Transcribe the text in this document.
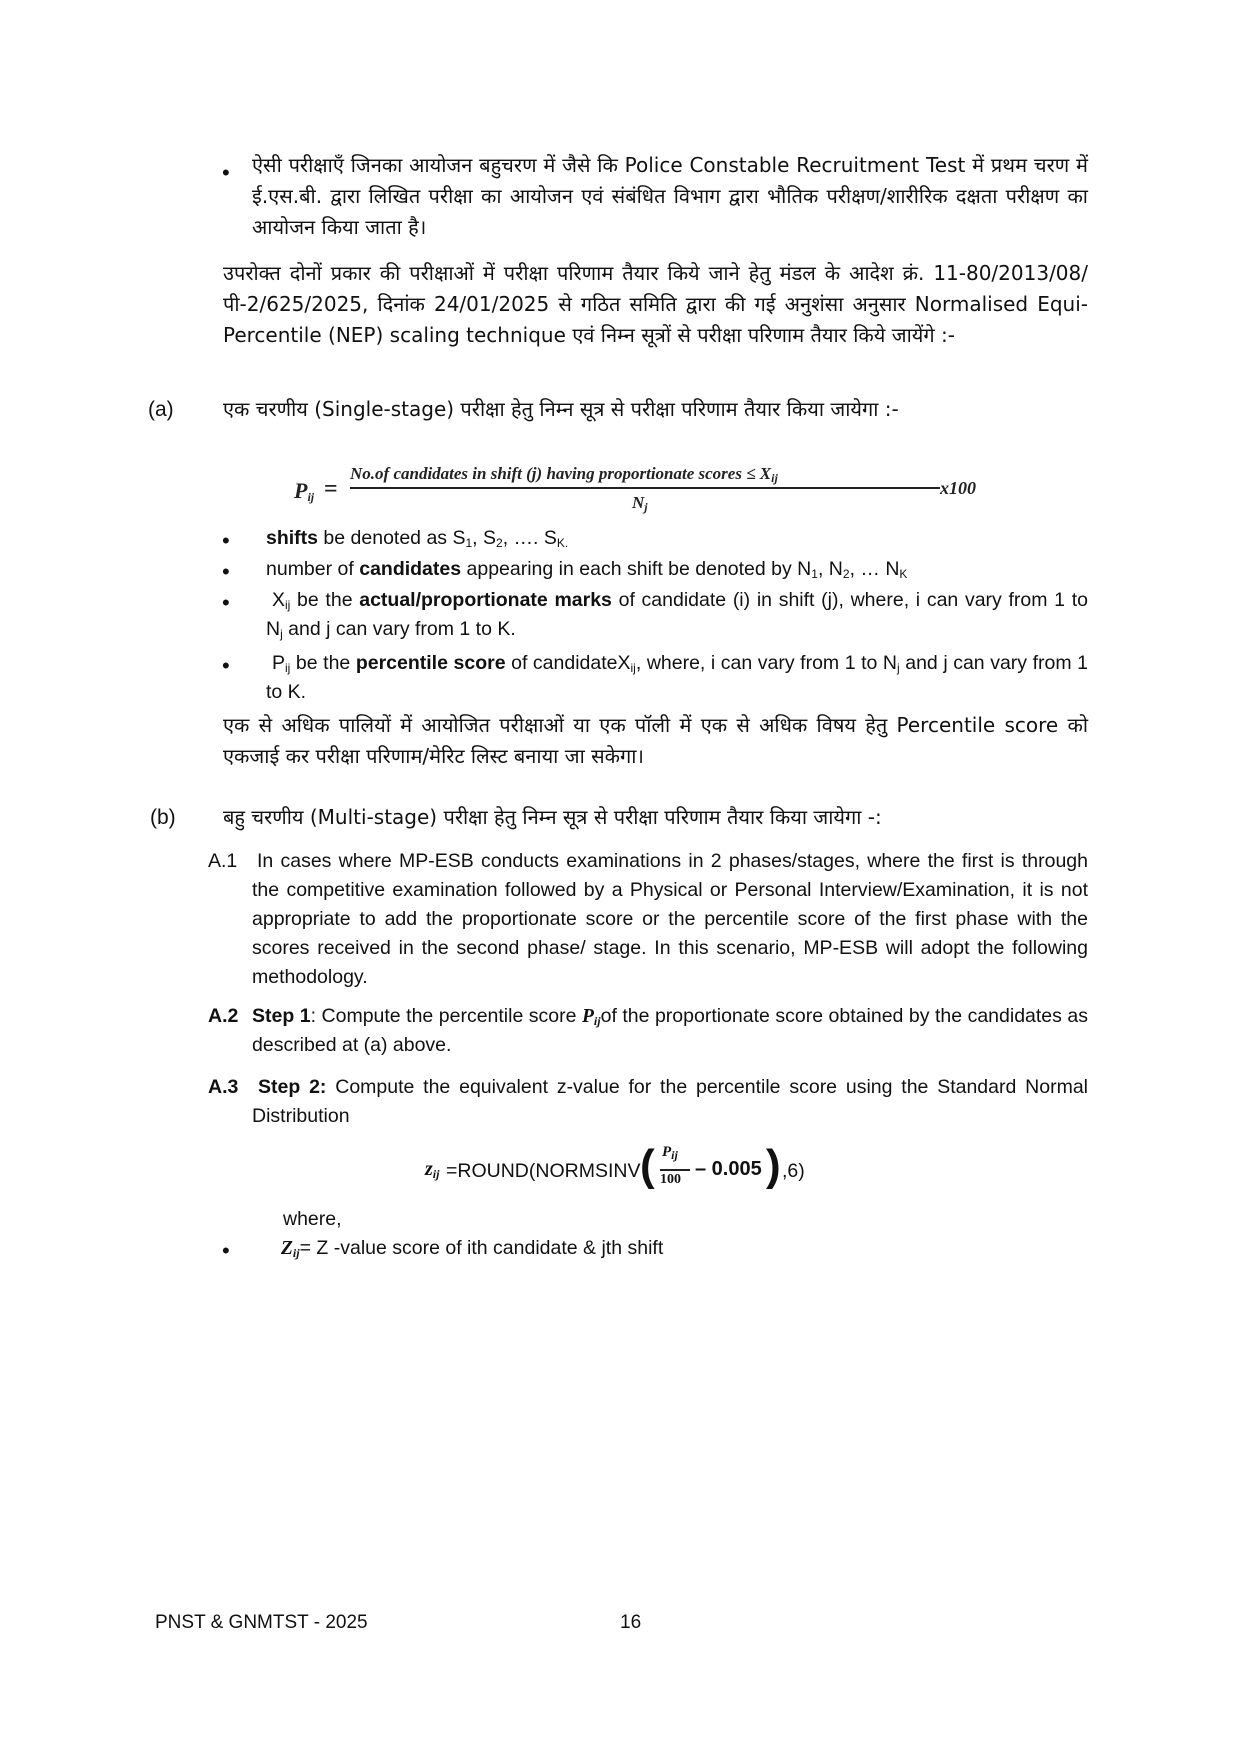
• ऐसी परीक्षाएँ जिनका आयोजन बहुचरण में जैसे कि Police Constable Recruitment Test में प्रथम चरण में ई.एस.बी. द्वारा लिखित परीक्षा का आयोजन एवं संबंधित विभाग द्वारा भौतिक परीक्षण/शारीरिक दक्षता परीक्षण का आयोजन किया जाता है।
उपरोक्त दोनों प्रकार की परीक्षाओं में परीक्षा परिणाम तैयार किये जाने हेतु मंडल के आदेश क्रं. 11-80/2013/08/पी-2/625/2025, दिनांक 24/01/2025 से गठित समिति द्वारा की गई अनुशंसा अनुसार Normalised Equi-Percentile (NEP) scaling technique एवं निम्न सूत्रों से परीक्षा परिणाम तैयार किये जायेंगे :-
(a) एक चरणीय (Single-stage) परीक्षा हेतु निम्न सूत्र से परीक्षा परिणाम तैयार किया जायेगा :-
$P_{ij}$ =
No.of candidates in shift (j) having proportionate scores ≤ $X_{ij}$
$N_j$
x100
• shifts be denoted as $S_1$, $S_2$, …. $S_{K.}$
• number of candidates appearing in each shift be denoted by $N_1$, $N_2$, … $N_K$
•	$X_{ij}$ be the actual/proportionate marks of candidate (i) in shift (j), where, i can vary from 1 to $N_j$ and j can vary from 1 to K.
•	$P_{ij}$ be the percentile score of candidateX$_{ij}$, where, i can vary from 1 to $N_j$ and j can vary from 1 to K.
एक से अधिक पालियों में आयोजित परीक्षाओं या एक पॉली में एक से अधिक विषय हेतु Percentile score को एकजाई कर परीक्षा परिणाम/मेरिट लिस्ट बनाया जा सकेगा।
(b) बहु चरणीय (Multi-stage) परीक्षा हेतु निम्न सूत्र से परीक्षा परिणाम तैयार किया जायेगा -:
A.1 In cases where MP-ESB conducts examinations in 2 phases/stages, where the first is through the competitive examination followed by a Physical or Personal Interview/Examination, it is not appropriate to add the proportionate score or the percentile score of the first phase with the scores received in the second phase/ stage. In this scenario, MP-ESB will adopt the following methodology.
A.2 Step 1: Compute the percentile score $P_{ij}of$ the proportionate score obtained by the candidates as described at (a) above.
A.3	Step 2: Compute the equivalent z-value for the percentile score using the Standard Normal Distribution
$z_{ij}$ =ROUND(NORMSINV ( $P_{ij}$
100 – 0.005 ) ,6)
where,
•	$Z_{ij}= Z$ -value score of ith candidate & jth shift
PNST & GNMTST - 2025	16
